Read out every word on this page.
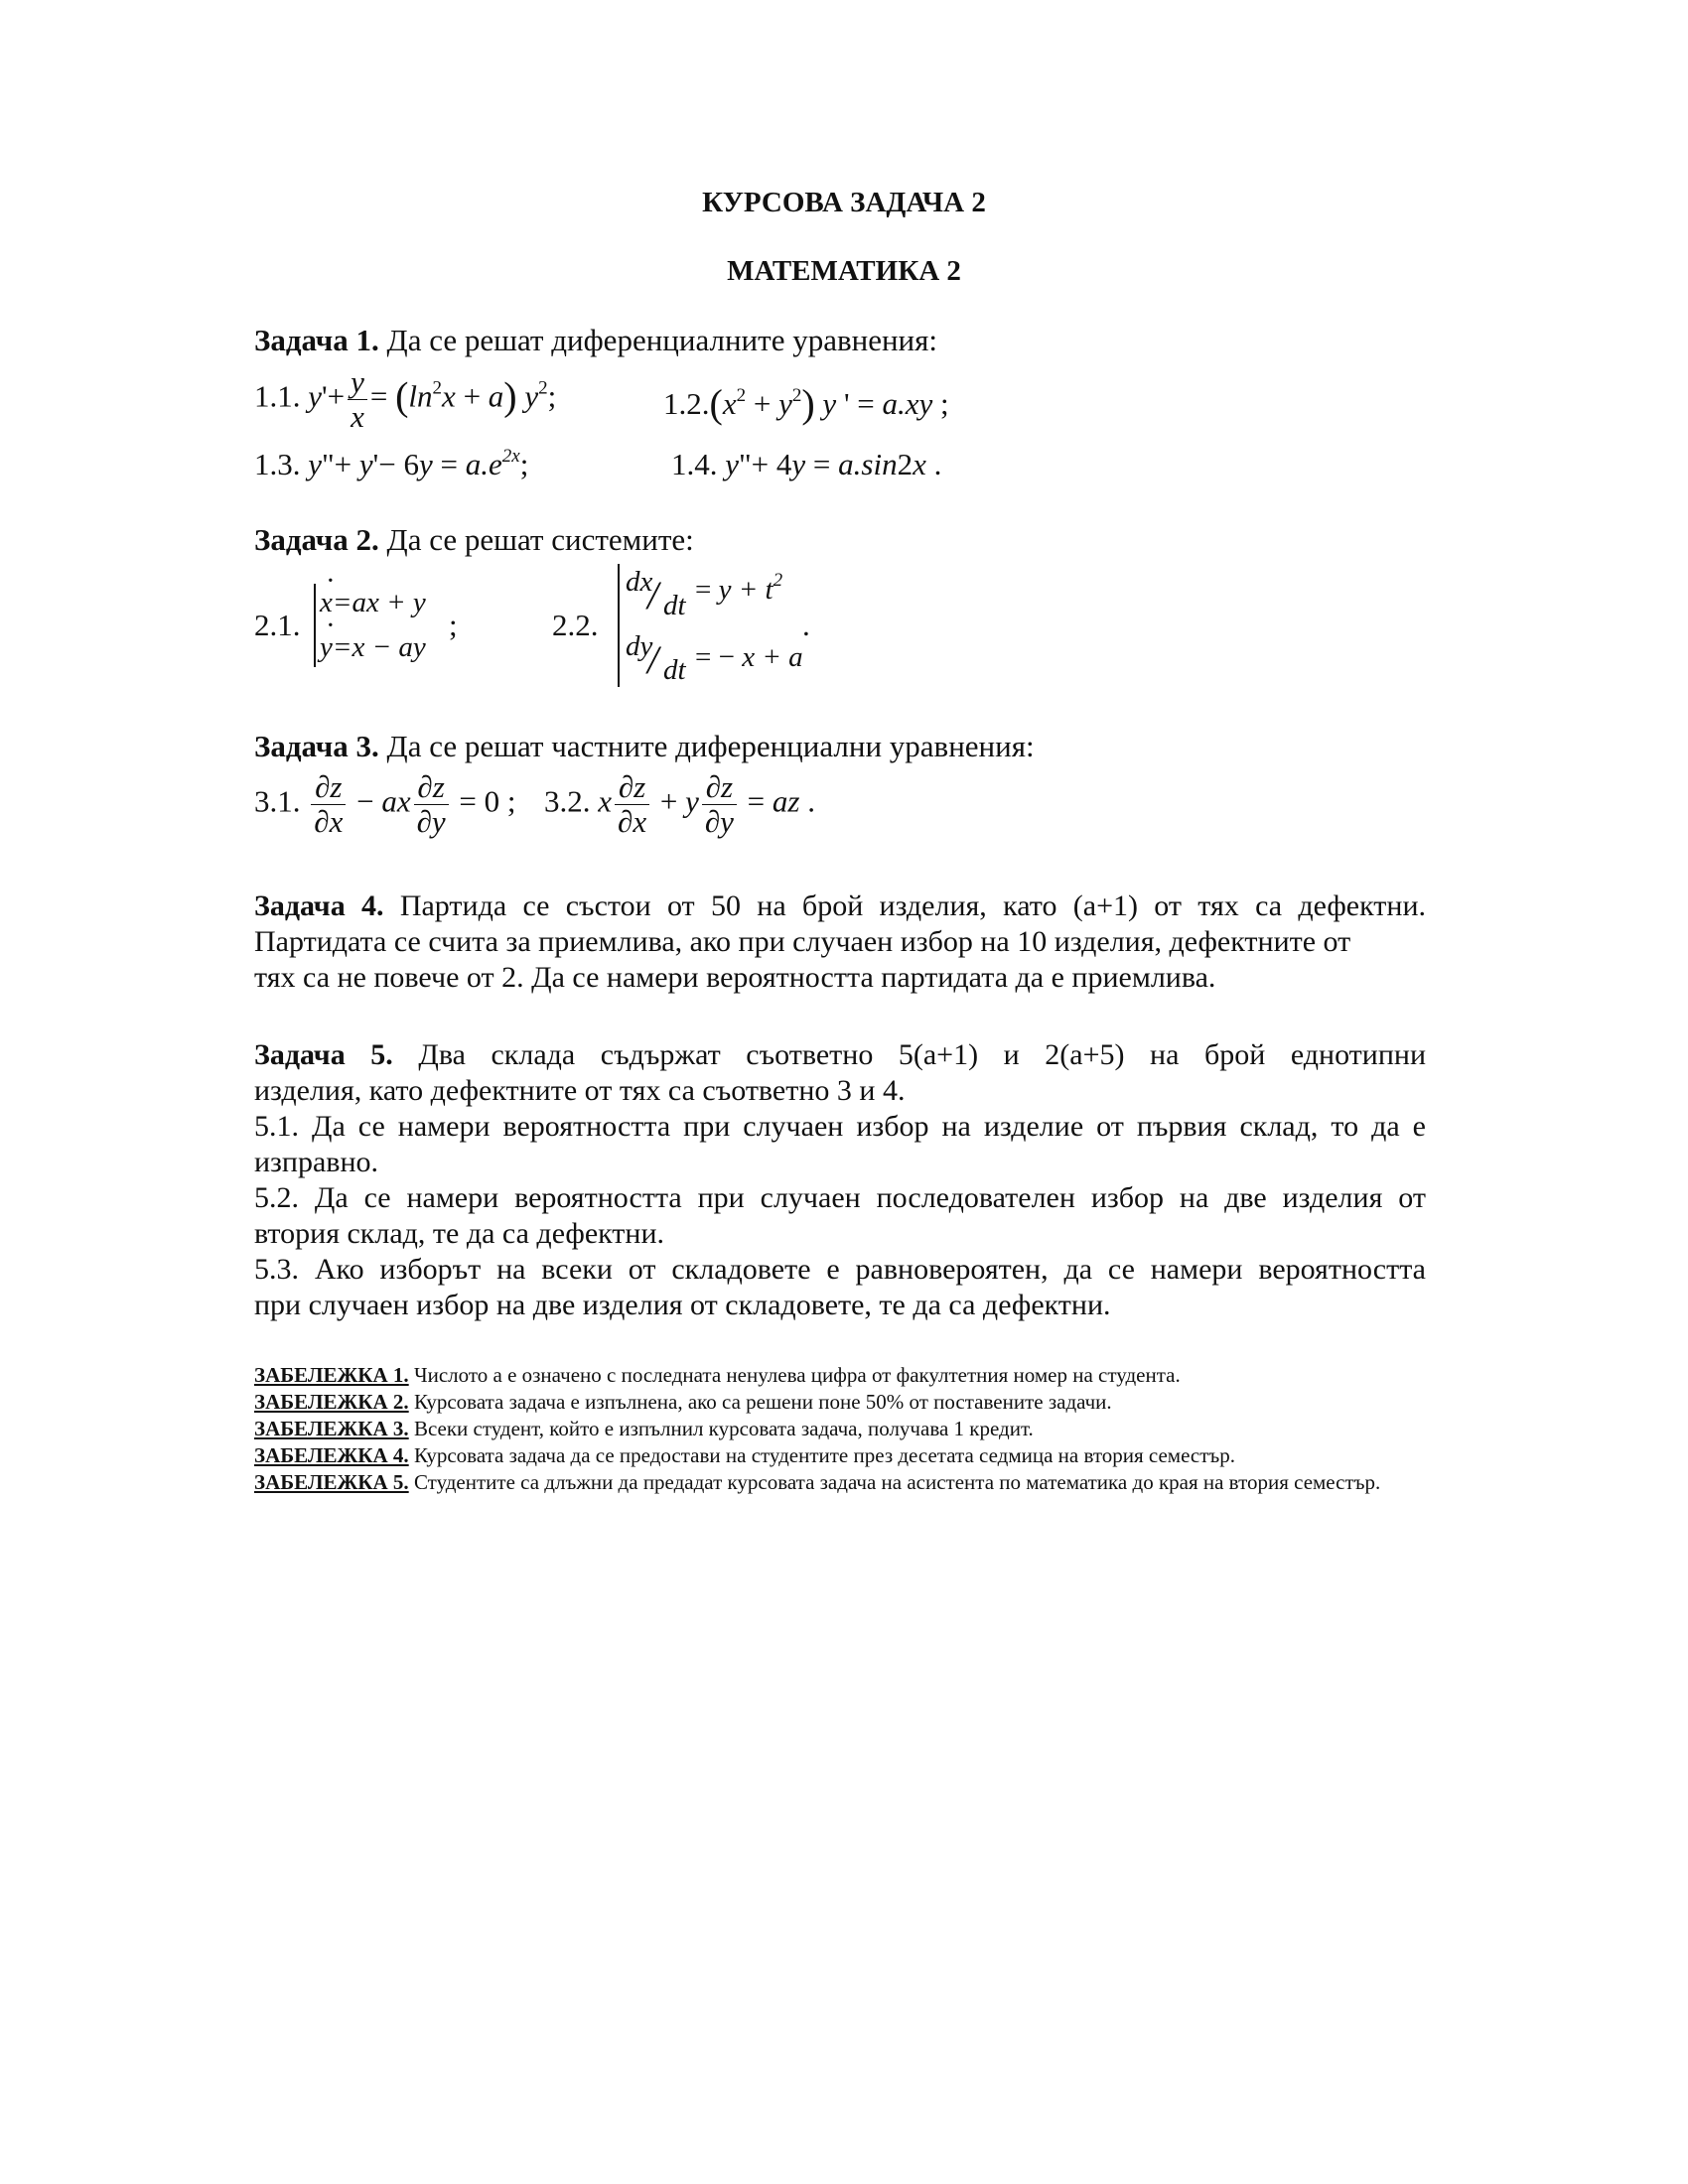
КУРСОВА ЗАДАЧА 2
МАТЕМАТИКА 2
Задача 1. Да се решат диференциалните уравнения:
1.1. $y'+ \frac{y}{x} = (\ln^2x + a)$ $y^2$;	$1.2.(x^2 + y^2)$ y ' = a.xy ;
1.3. y"+ $y'- 6y = a.e^{2x}$;	1.4. y"+ 4y = a.sin2x .
Задача 2. Да се решат системите:
2.1.
· x=ax + y
· y=x − ay
;	2.2.
dx
/ dt = $y + t^2$
dy
/ dt = − x + a
.
Задача 3. Да се решат частните диференциални уравнения:
3.1. $\frac{\partial z}{\partial x}$ − ax $\frac{\partial z}{\partial y} = 0$ ; 3.2. x $\frac{\partial z}{\partial x} + y \frac{\partial z}{\partial y}$ = az .
Задача 4. Партида се състои от 50 на брой изделия, като (a+1) от тях са дефектни.
Партидата се счита за приемлива, ако при случаен избор на 10 изделия, дефектните от
тях са не повече от 2. Да се намери вероятността партидата да е приемлива.
Задача 5. Два склада съдържат съответно 5(a+1) и 2(a+5) на брой еднотипни
изделия, като дефектните от тях са съответно 3 и 4.
5.1. Да се намери вероятността при случаен избор на изделие от първия склад, то да е
изправно.
5.2. Да се намери вероятността при случаен последователен избор на две изделия от
втория склад, те да са дефектни.
5.3. Ако изборът на всеки от складовете е равновероятен, да се намери вероятността
при случаен избор на две изделия от складовете, те да са дефектни.
ЗАБЕЛЕЖКА 1. Числото a е означено с последната ненулева цифра от факултетния номер на студента.
ЗАБЕЛЕЖКА 2. Курсовата задача е изпълнена, ако са решени поне 50% от поставените задачи.
ЗАБЕЛЕЖКА 3. Всеки студент, който е изпълнил курсовата задача, получава 1 кредит.
ЗАБЕЛЕЖКА 4. Курсовата задача да се предостави на студентите през десетата седмица на втория семестър.
ЗАБЕЛЕЖКА 5. Студентите са длъжни да предадат курсовата задача на асистента по математика до края на втория семестър.
